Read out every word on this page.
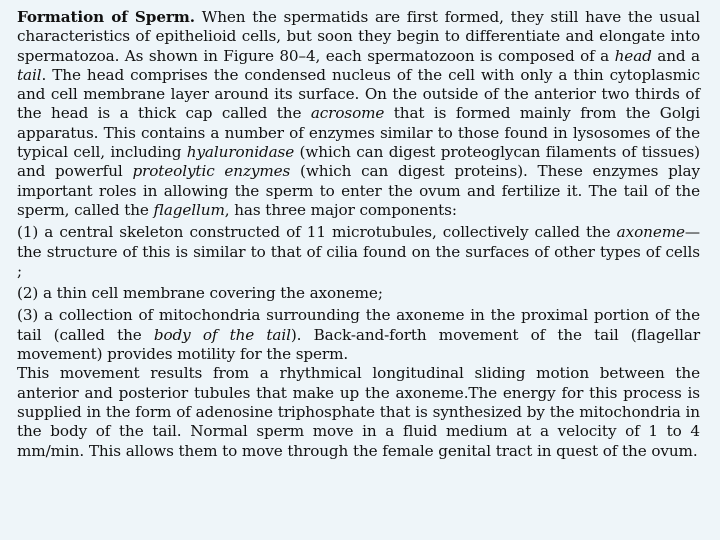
Formation of Sperm. When the spermatids are first formed, they still have the usual characteristics of epithelioid cells, but soon they begin to differentiate and elongate into spermatozoa. As shown in Figure 80–4, each spermatozoon is composed of a head and a tail. The head comprises the condensed nucleus of the cell with only a thin cytoplasmic and cell membrane layer around its surface. On the outside of the anterior two thirds of the head is a thick cap called the acrosome that is formed mainly from the Golgi apparatus. This contains a number of enzymes similar to those found in lysosomes of the typical cell, including hyaluronidase (which can digest proteoglycan filaments of tissues) and powerful proteolytic enzymes (which can digest proteins). These enzymes play important roles in allowing the sperm to enter the ovum and fertilize it. The tail of the sperm, called the flagellum, has three major components:

(1) a central skeleton constructed of 11 microtubules, collectively called the axoneme— the structure of this is similar to that of cilia found on the surfaces of other types of cells ;

(2) a thin cell membrane covering the axoneme;

(3) a collection of mitochondria surrounding the axoneme in the proximal portion of the tail (called the body of the tail). Back-and-forth movement of the tail (flagellar movement) provides motility for the sperm.

This movement results from a rhythmical longitudinal sliding motion between the anterior and posterior tubules that make up the axoneme.The energy for this process is supplied in the form of adenosine triphosphate that is synthesized by the mitochondria in the body of the tail. Normal sperm move in a fluid medium at a velocity of 1 to 4 mm/min. This allows them to move through the female genital tract in quest of the ovum.
